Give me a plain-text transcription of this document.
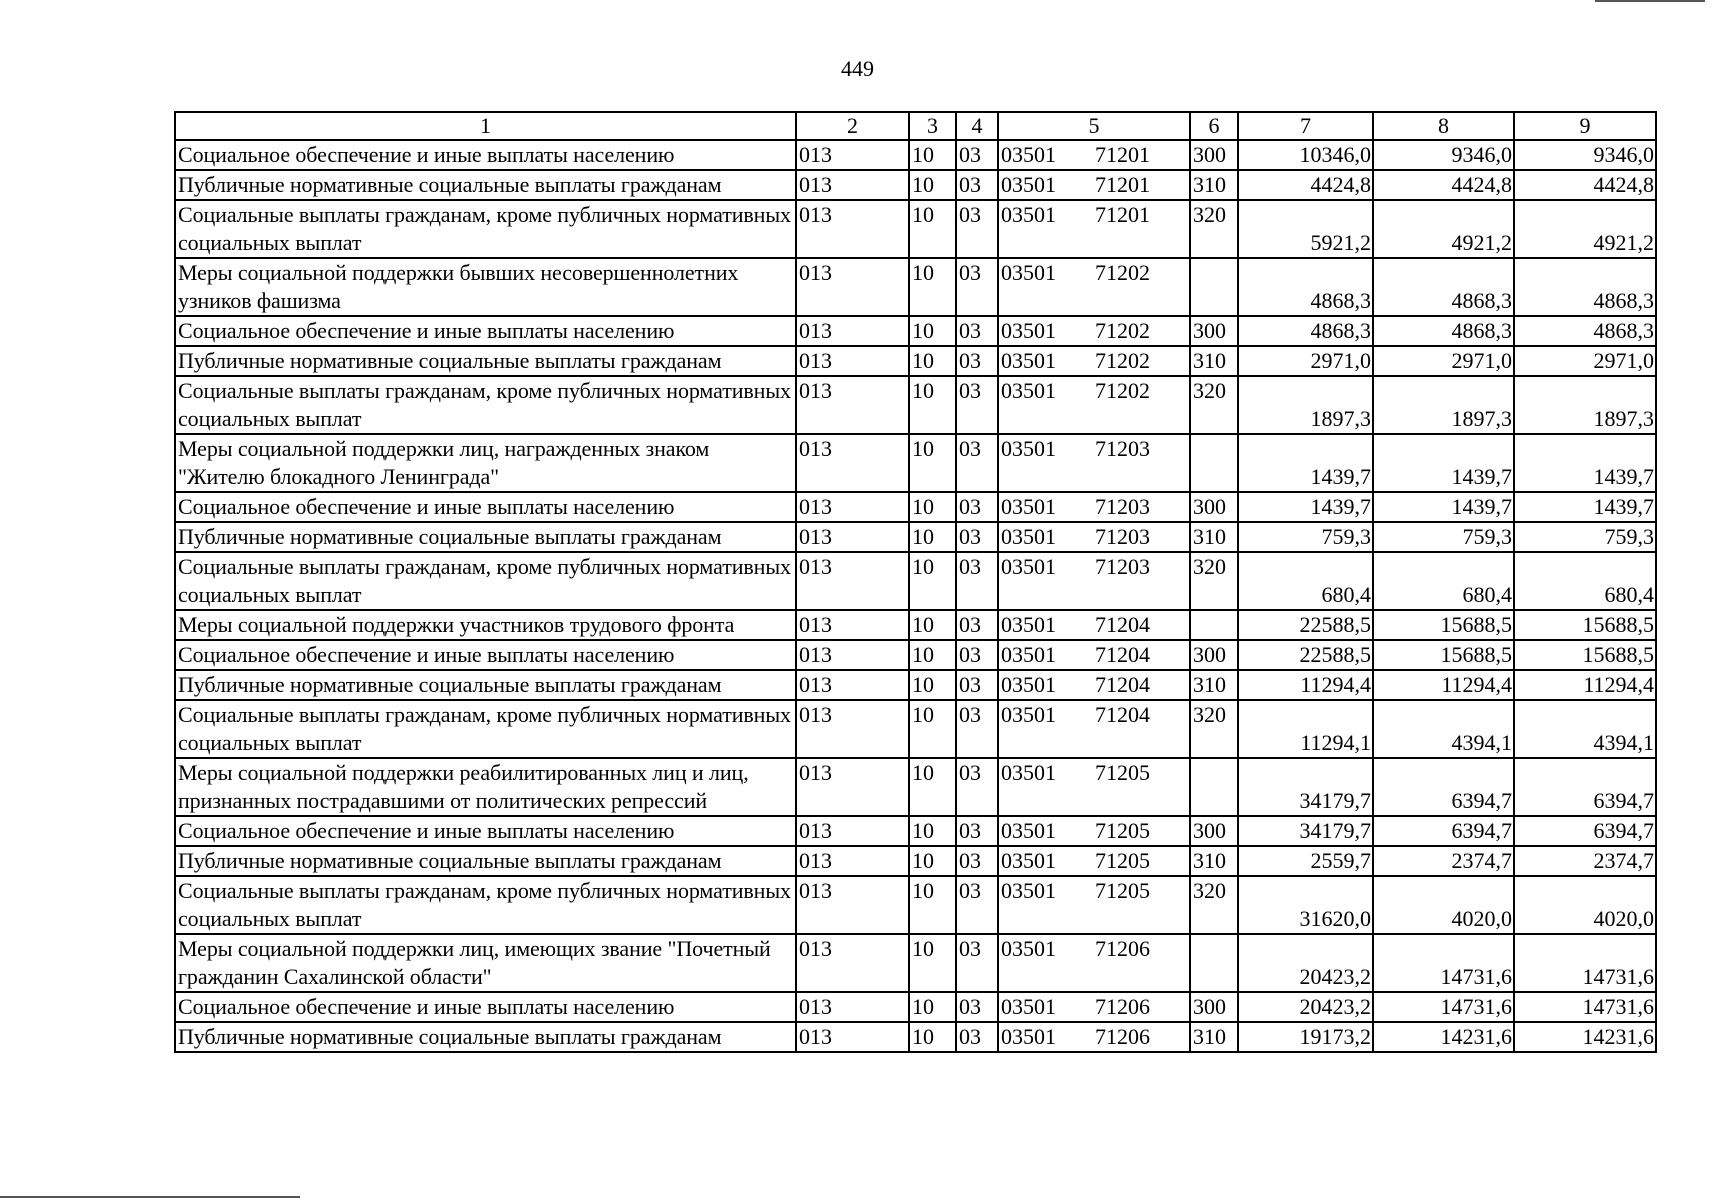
449
1	2	3	4	5	6	7	8	9
Социальное обеспечение и иные выплаты населению	013	10	03	03501 71201	300	10346,0	9346,0	9346,0
Публичные нормативные социальные выплаты гражданам	013	10	03	03501 71201	310	4424,8	4424,8	4424,8
Социальные выплаты гражданам, кроме публичных нормативных социальных выплат	013	10	03	03501 71201	320	5921,2	4921,2	4921,2
Меры социальной поддержки бывших несовершеннолетних узников фашизма	013	10	03	03501 71202		4868,3	4868,3	4868,3
Социальное обеспечение и иные выплаты населению	013	10	03	03501 71202	300	4868,3	4868,3	4868,3
Публичные нормативные социальные выплаты гражданам	013	10	03	03501 71202	310	2971,0	2971,0	2971,0
Социальные выплаты гражданам, кроме публичных нормативных социальных выплат	013	10	03	03501 71202	320	1897,3	1897,3	1897,3
Меры социальной поддержки лиц, награжденных знаком "Жителю блокадного Ленинграда"	013	10	03	03501 71203		1439,7	1439,7	1439,7
Социальное обеспечение и иные выплаты населению	013	10	03	03501 71203	300	1439,7	1439,7	1439,7
Публичные нормативные социальные выплаты гражданам	013	10	03	03501 71203	310	759,3	759,3	759,3
Социальные выплаты гражданам, кроме публичных нормативных социальных выплат	013	10	03	03501 71203	320	680,4	680,4	680,4
Меры социальной поддержки участников трудового фронта	013	10	03	03501 71204		22588,5	15688,5	15688,5
Социальное обеспечение и иные выплаты населению	013	10	03	03501 71204	300	22588,5	15688,5	15688,5
Публичные нормативные социальные выплаты гражданам	013	10	03	03501 71204	310	11294,4	11294,4	11294,4
Социальные выплаты гражданам, кроме публичных нормативных социальных выплат	013	10	03	03501 71204	320	11294,1	4394,1	4394,1
Меры социальной поддержки реабилитированных лиц и лиц, признанных пострадавшими от политических репрессий	013	10	03	03501 71205		34179,7	6394,7	6394,7
Социальное обеспечение и иные выплаты населению	013	10	03	03501 71205	300	34179,7	6394,7	6394,7
Публичные нормативные социальные выплаты гражданам	013	10	03	03501 71205	310	2559,7	2374,7	2374,7
Социальные выплаты гражданам, кроме публичных нормативных социальных выплат	013	10	03	03501 71205	320	31620,0	4020,0	4020,0
Меры социальной поддержки лиц, имеющих звание "Почетный гражданин Сахалинской области"	013	10	03	03501 71206		20423,2	14731,6	14731,6
Социальное обеспечение и иные выплаты населению	013	10	03	03501 71206	300	20423,2	14731,6	14731,6
Публичные нормативные социальные выплаты гражданам	013	10	03	03501 71206	310	19173,2	14231,6	14231,6
